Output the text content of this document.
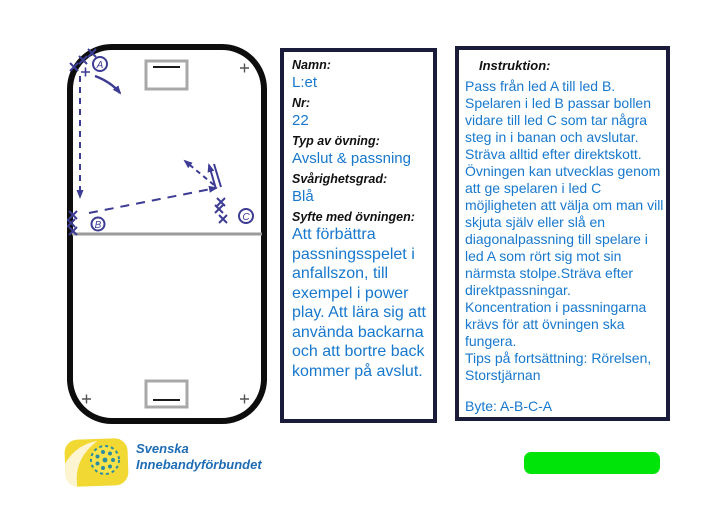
A
B
C
Namn:
L:et
Nr:
22
Typ av övning:
Avslut & passning
Svårighetsgrad:
Blå
Syfte med övningen:
Att förbättra passningsspelet i anfallszon, till exempel i power play. Att lära sig att använda backarna och att bortre back kommer på avslut.
Instruktion:

Pass från led A till led B. Spelaren i led B passar bollen vidare till led C som tar några steg in i banan och avslutar. Sträva alltid efter direktskott. Övningen kan utvecklas genom att ge spelaren i led C möjligheten att välja om man vill skjuta själv eller slå en diagonalpassning till spelare i led A som rört sig mot sin närmsta stolpe.Sträva efter direktpassningar.

Koncentration i passningarna krävs för att övningen ska fungera.

Tips på fortsättning: Rörelsen, Storstjärnan

Byte: A-B-C-A

Svenska
Innebandyförbundet
